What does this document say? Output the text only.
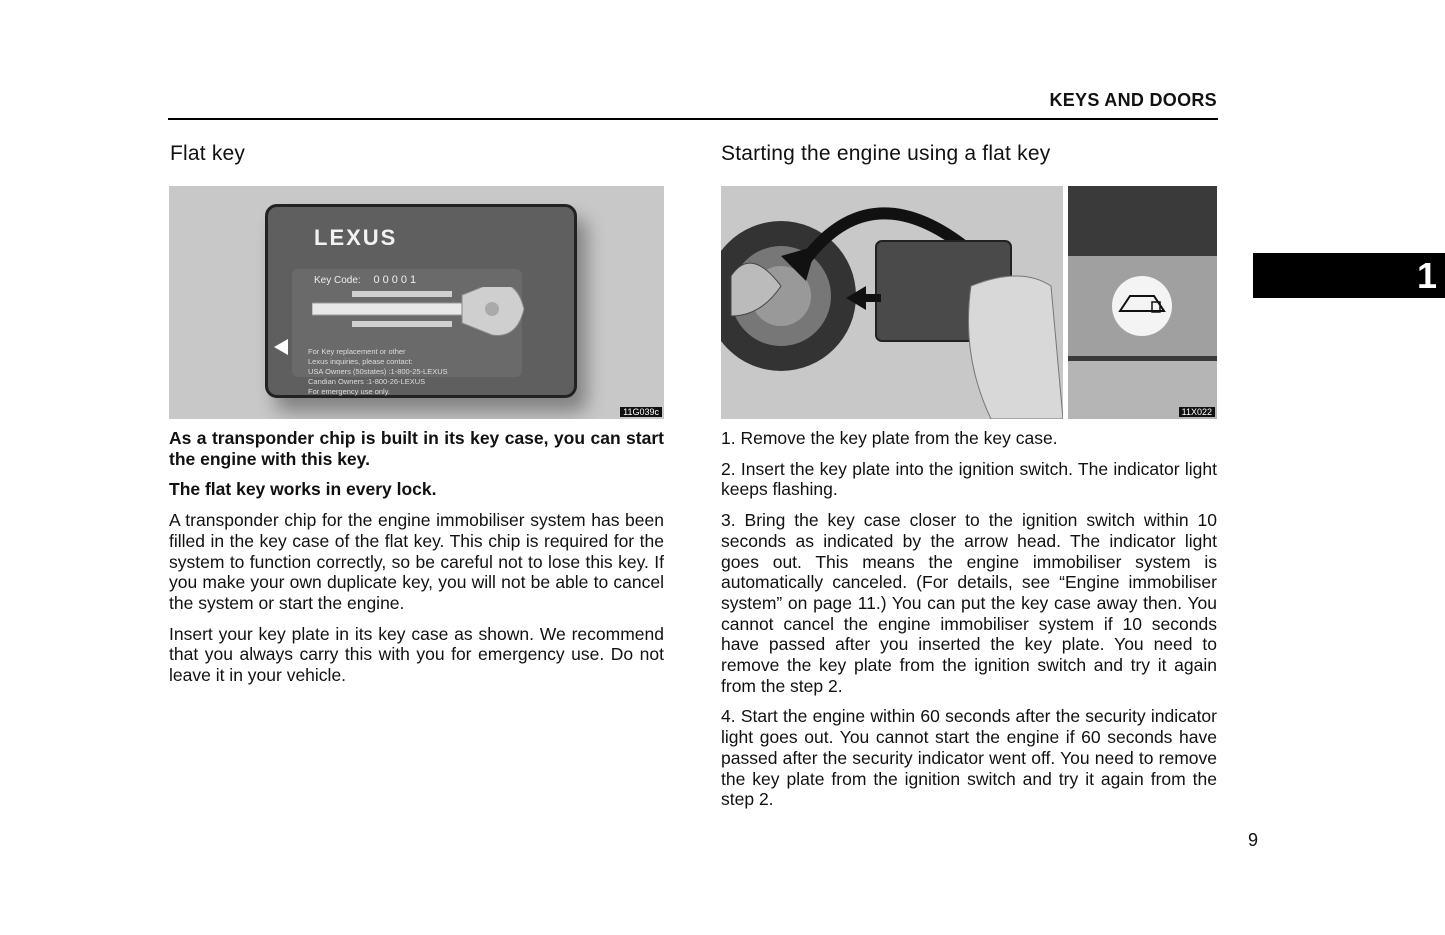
KEYS AND DOORS
1
Flat key
LEXUS
Key Code: 00001
For Key replacement or other
Lexus inquiries, please contact:
USA Owners (50states) :1-800-25-LEXUS
Candian Owners :1-800-26-LEXUS
For emergency use only.
11G039c

As a transponder chip is built in its key case, you can start the engine with this key.

The flat key works in every lock.

A transponder chip for the engine immobiliser system has been filled in the key case of the flat key. This chip is required for the system to function correctly, so be careful not to lose this key. If you make your own duplicate key, you will not be able to cancel the system or start the engine.

Insert your key plate in its key case as shown. We recommend that you always carry this with you for emergency use. Do not leave it in your vehicle.

Starting the engine using a flat key
11X022

1. Remove the key plate from the key case.

2. Insert the key plate into the ignition switch. The indicator light keeps flashing.

3. Bring the key case closer to the ignition switch within 10 seconds as indicated by the arrow head. The indicator light goes out. This means the engine immobiliser system is automatically canceled. (For details, see “Engine immobiliser system” on page 11.) You can put the key case away then. You cannot cancel the engine immobiliser system if 10 seconds have passed after you inserted the key plate. You need to remove the key plate from the ignition switch and try it again from the step 2.

4. Start the engine within 60 seconds after the security indicator light goes out. You cannot start the engine if 60 seconds have passed after the security indicator went off. You need to remove the key plate from the ignition switch and try it again from the step 2.

9
